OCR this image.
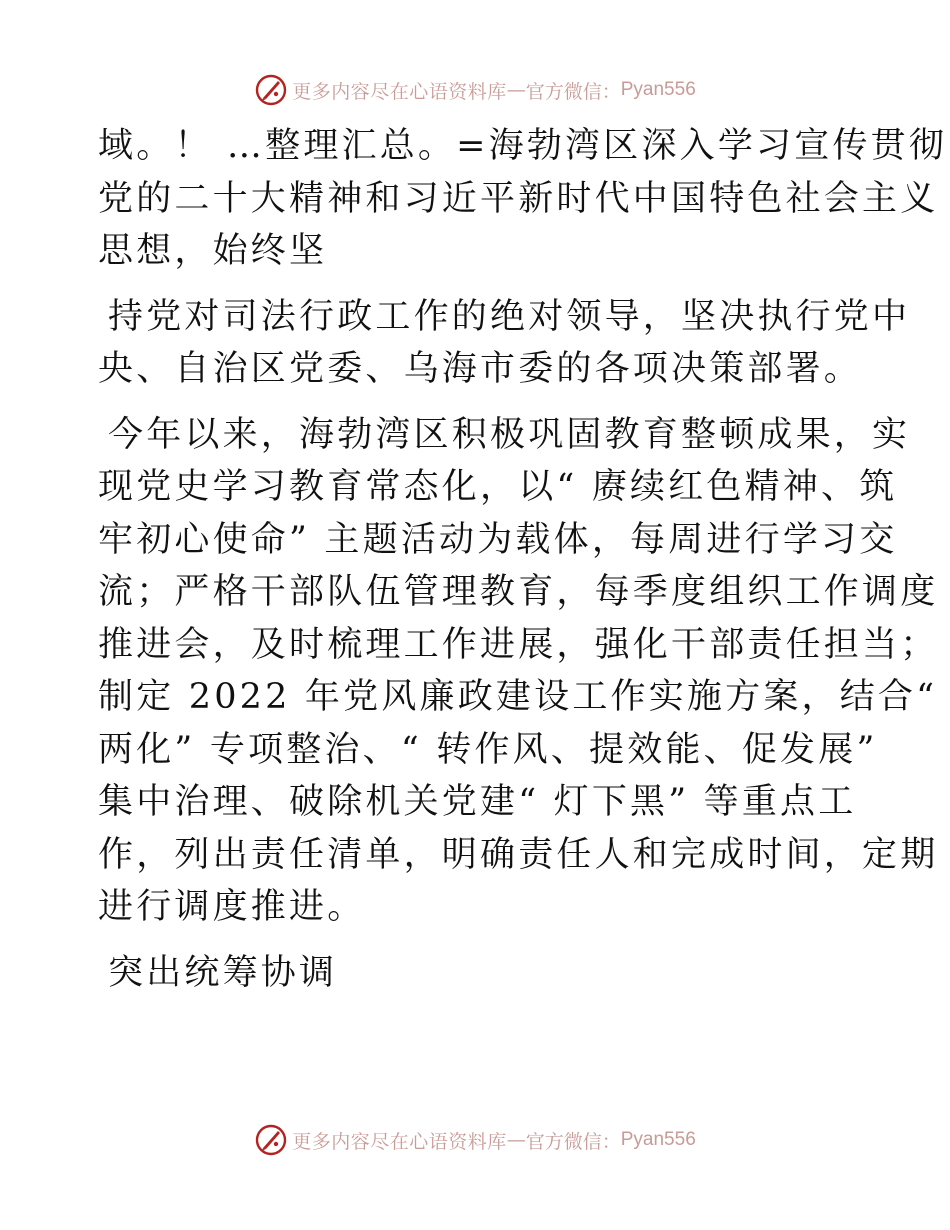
更多内容尽在心语资料库 — 官方微信： Pyan556
域。！ …整理汇总。=海勃湾区深入学习宣传贯彻
党的二十大精神和习近平新时代中国特色社会主义
思想，始终坚
持党对司法行政工作的绝对领导，坚决执行党中
央、自治区党委、乌海市委的各项决策部署。
今年以来，海勃湾区积极巩固教育整顿成果，实
现党史学习教育常态化，以“ 赓续红色精神、筑
牢初心使命” 主题活动为载体，每周进行学习交
流；严格干部队伍管理教育，每季度组织工作调度
推进会，及时梳理工作进展，强化干部责任担当；
制定 2022 年党风廉政建设工作实施方案，结合“
两化” 专项整治、“ 转作风、提效能、促发展”
集中治理、破除机关党建“ 灯下黑” 等重点工
作，列出责任清单，明确责任人和完成时间，定期
进行调度推进。
突出统筹协调
更多内容尽在心语资料库 — 官方微信： Pyan556
